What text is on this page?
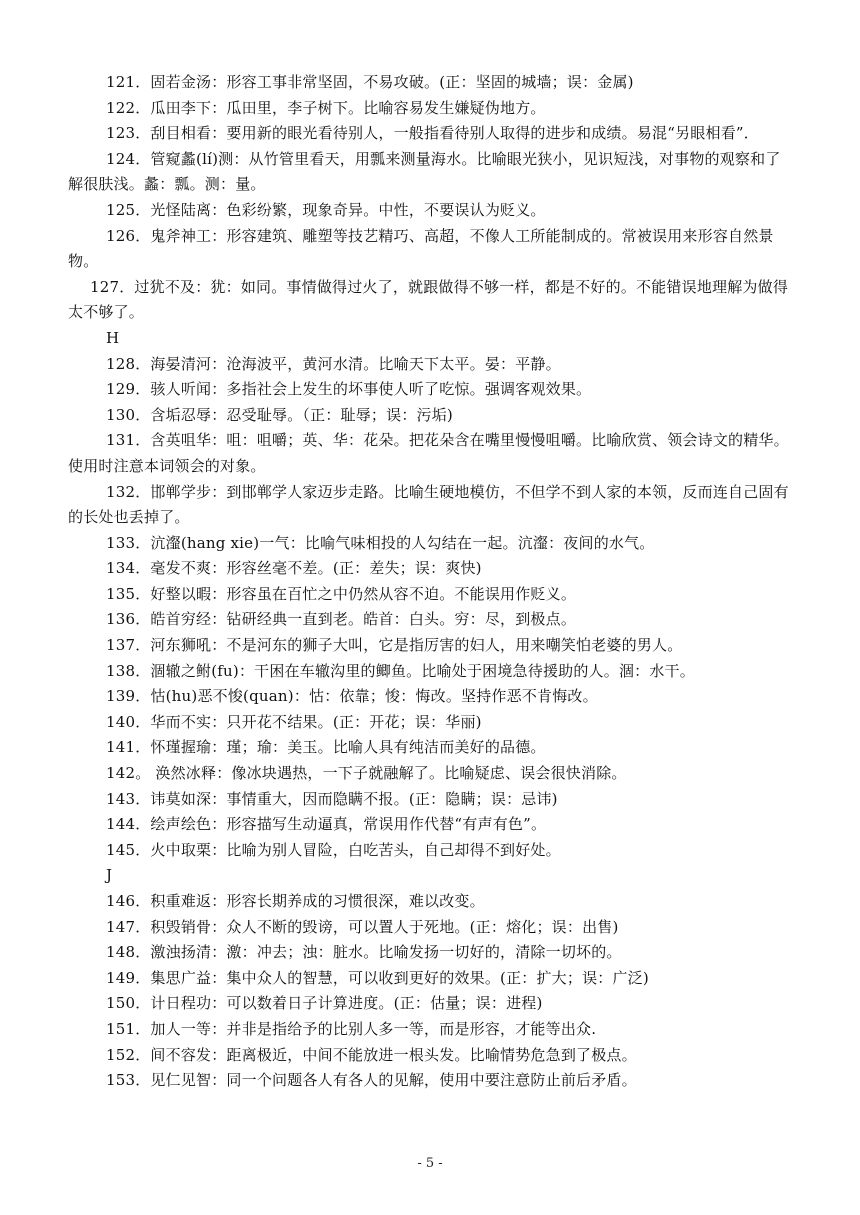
121．固若金汤：形容工事非常坚固，不易攻破。(正：坚固的城墙；误：金属)

122．瓜田李下：瓜田里，李子树下。比喻容易发生嫌疑伪地方。

123．刮目相看：要用新的眼光看待别人，一般指看待别人取得的进步和成绩。易混“另眼相看”．

124．管窥蠡(lí)测：从竹管里看天，用瓢来测量海水。比喻眼光狭小，见识短浅，对事物的观察和了解很肤浅。蠡：瓢。测：量。

125．光怪陆离：色彩纷繁，现象奇异。中性，不要误认为贬义。

126．鬼斧神工：形容建筑、雕塑等技艺精巧、高超，不像人工所能制成的。常被误用来形容自然景物。

127．过犹不及：犹：如同。事情做得过火了，就跟做得不够一样，都是不好的。不能错误地理解为做得太不够了。

H

128．海晏清河：沧海波平，黄河水清。比喻天下太平。晏：平静。

129．骇人听闻：多指社会上发生的坏事使人听了吃惊。强调客观效果。

130．含垢忍辱：忍受耻辱。（正：耻辱；误：污垢)

131．含英咀华：咀：咀嚼；英、华：花朵。把花朵含在嘴里慢慢咀嚼。比喻欣赏、领会诗文的精华。使用时注意本词领会的对象。

132．邯郸学步：到邯郸学人家迈步走路。比喻生硬地模仿，不但学不到人家的本领，反而连自己固有的长处也丢掉了。

133．沆瀣(hang xie)一气：比喻气味相投的人勾结在一起。沆瀣：夜间的水气。

134．毫发不爽：形容丝毫不差。(正：差失；误：爽快)

135．好整以暇：形容虽在百忙之中仍然从容不迫。不能误用作贬义。

136．皓首穷经：钻研经典一直到老。皓首：白头。穷：尽，到极点。

137．河东狮吼：不是河东的狮子大叫，它是指厉害的妇人，用来嘲笑怕老婆的男人。

138．涸辙之鲋(fu)：干困在车辙沟里的鲫鱼。比喻处于困境急待援助的人。涸：水干。

139．怙(hu)恶不悛(quan)：怙：依靠；悛：悔改。坚持作恶不肯悔改。

140．华而不实：只开花不结果。(正：开花；误：华丽)

141．怀瑾握瑜：瑾；瑜：美玉。比喻人具有纯洁而美好的品德。

142。 涣然冰释：像冰块遇热，一下子就融解了。比喻疑虑、误会很快消除。

143．讳莫如深：事情重大，因而隐瞒不报。(正：隐瞒；误：忌讳)

144．绘声绘色：形容描写生动逼真，常误用作代替“有声有色”。

145．火中取栗：比喻为别人冒险，白吃苦头，自己却得不到好处。

J

146．积重难返：形容长期养成的习惯很深，难以改变。

147．积毁销骨：众人不断的毁谤，可以置人于死地。(正：熔化；误：出售)

148．激浊扬清：激：冲去；浊：脏水。比喻发扬一切好的，清除一切坏的。

149．集思广益：集中众人的智慧，可以收到更好的效果。(正：扩大；误：广泛)

150．计日程功：可以数着日子计算进度。(正：估量；误：进程)

151．加人一等：并非是指给予的比别人多一等，而是形容，才能等出众.

152．间不容发：距离极近，中间不能放进一根头发。比喻情势危急到了极点。

153．见仁见智：同一个问题各人有各人的见解，使用中要注意防止前后矛盾。

- 5 -
